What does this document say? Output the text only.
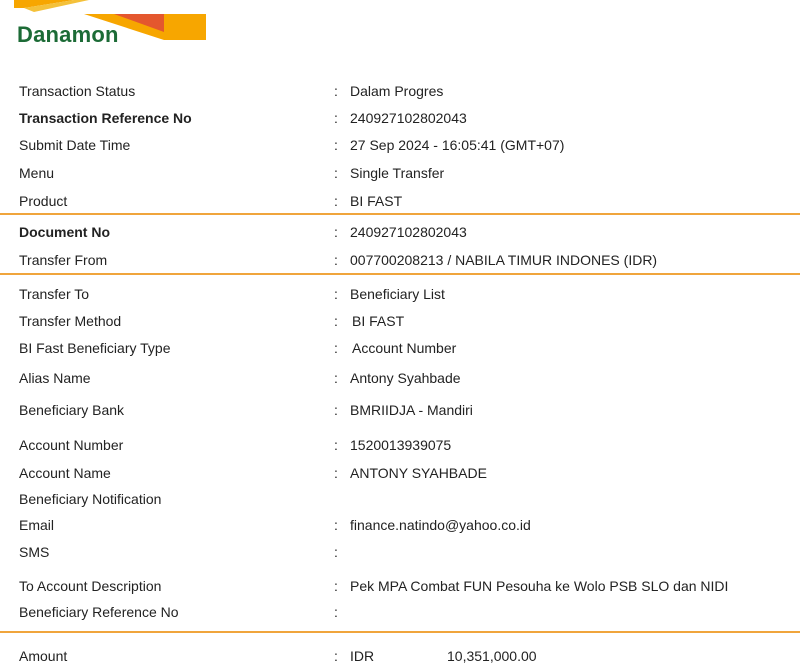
Danamon
Transaction Status	: Dalam Progres
Transaction Reference No	: 240927102802043
Submit Date Time	: 27 Sep 2024 - 16:05:41 (GMT+07)
Menu	: Single Transfer
Product	: BI FAST
Document No	: 240927102802043
Transfer From	: 007700208213 / NABILA TIMUR INDONES (IDR)
Transfer To	: Beneficiary List
Transfer Method	: BI FAST
BI Fast Beneficiary Type	: Account Number
Alias Name	: Antony Syahbade
Beneficiary Bank	: BMRIIDJA - Mandiri
Account Number	: 1520013939075
Account Name	: ANTONY SYAHBADE
Beneficiary Notification
Email	: finance.natindo@yahoo.co.id
SMS	:
To Account Description	: Pek MPA Combat FUN Pesouha ke Wolo PSB SLO dan NIDI
Beneficiary Reference No	:
Amount	: IDR	10,351,000.00
